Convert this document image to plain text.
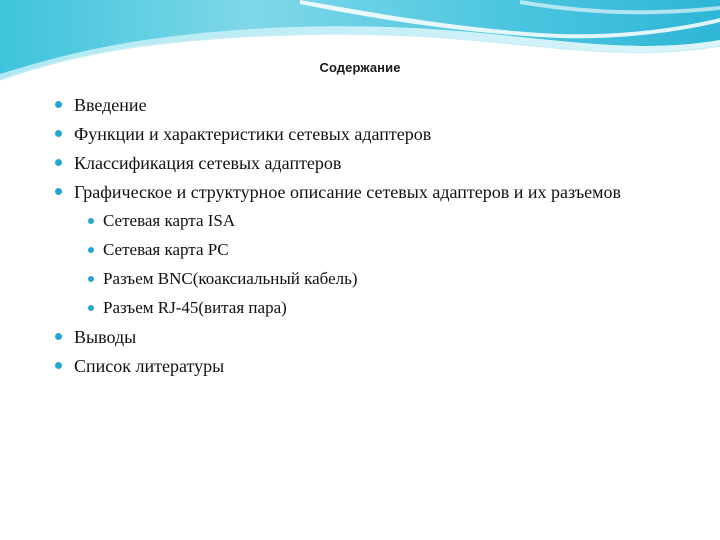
Содержание
Введение
Функции и характеристики сетевых адаптеров
Классификация сетевых адаптеров
Графическое и структурное описание сетевых адаптеров и их разъемов
Сетевая карта ISA
Сетевая карта PC
Разъем BNC(коаксиальный кабель)
Разъем RJ-45(витая пара)
Выводы
Список литературы
